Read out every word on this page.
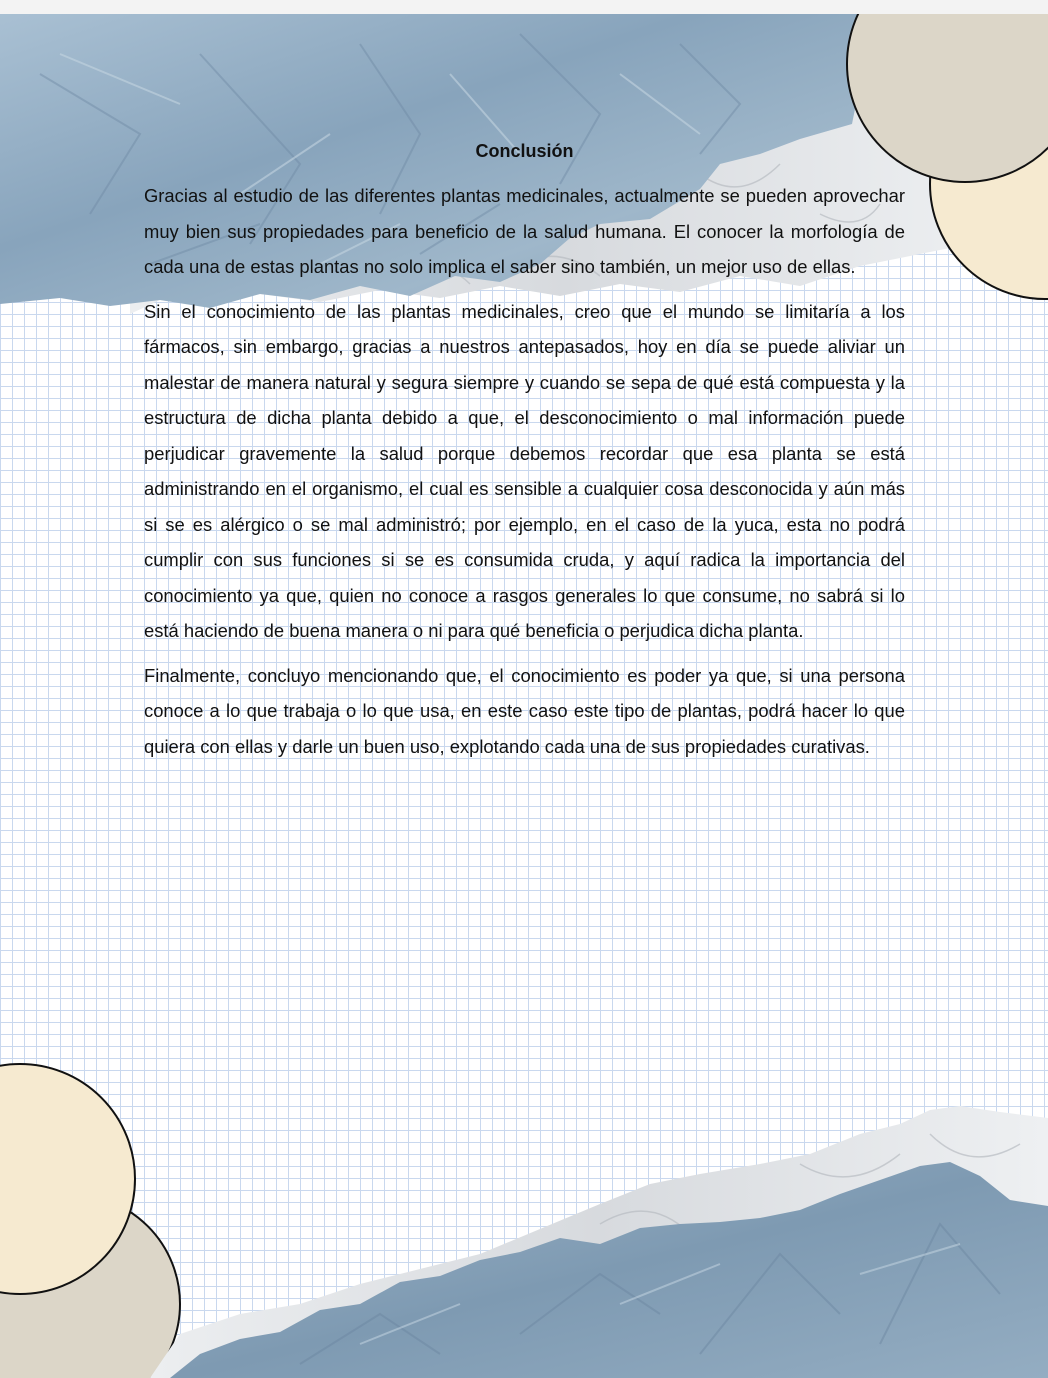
Conclusión

Gracias al estudio de las diferentes plantas medicinales, actualmente se pueden aprovechar muy bien sus propiedades para beneficio de la salud humana. El conocer la morfología de cada una de estas plantas no solo implica el saber sino también, un mejor uso de ellas.

Sin el conocimiento de las plantas medicinales, creo que el mundo se limitaría a los fármacos, sin embargo, gracias a nuestros antepasados, hoy en día se puede aliviar un malestar de manera natural y segura siempre y cuando se sepa de qué está compuesta y la estructura de dicha planta debido a que, el desconocimiento o mal información puede perjudicar gravemente la salud porque debemos recordar que esa planta se está administrando en el organismo, el cual es sensible a cualquier cosa desconocida y aún más si se es alérgico o se mal administró; por ejemplo, en el caso de la yuca, esta no podrá cumplir con sus funciones si se es consumida cruda, y aquí radica la importancia del conocimiento ya que, quien no conoce a rasgos generales lo que consume, no sabrá si lo está haciendo de buena manera o ni para qué beneficia o perjudica dicha planta.

Finalmente, concluyo mencionando que, el conocimiento es poder ya que, si una persona conoce a lo que trabaja o lo que usa, en este caso este tipo de plantas, podrá hacer lo que quiera con ellas y darle un buen uso, explotando cada una de sus propiedades curativas.
